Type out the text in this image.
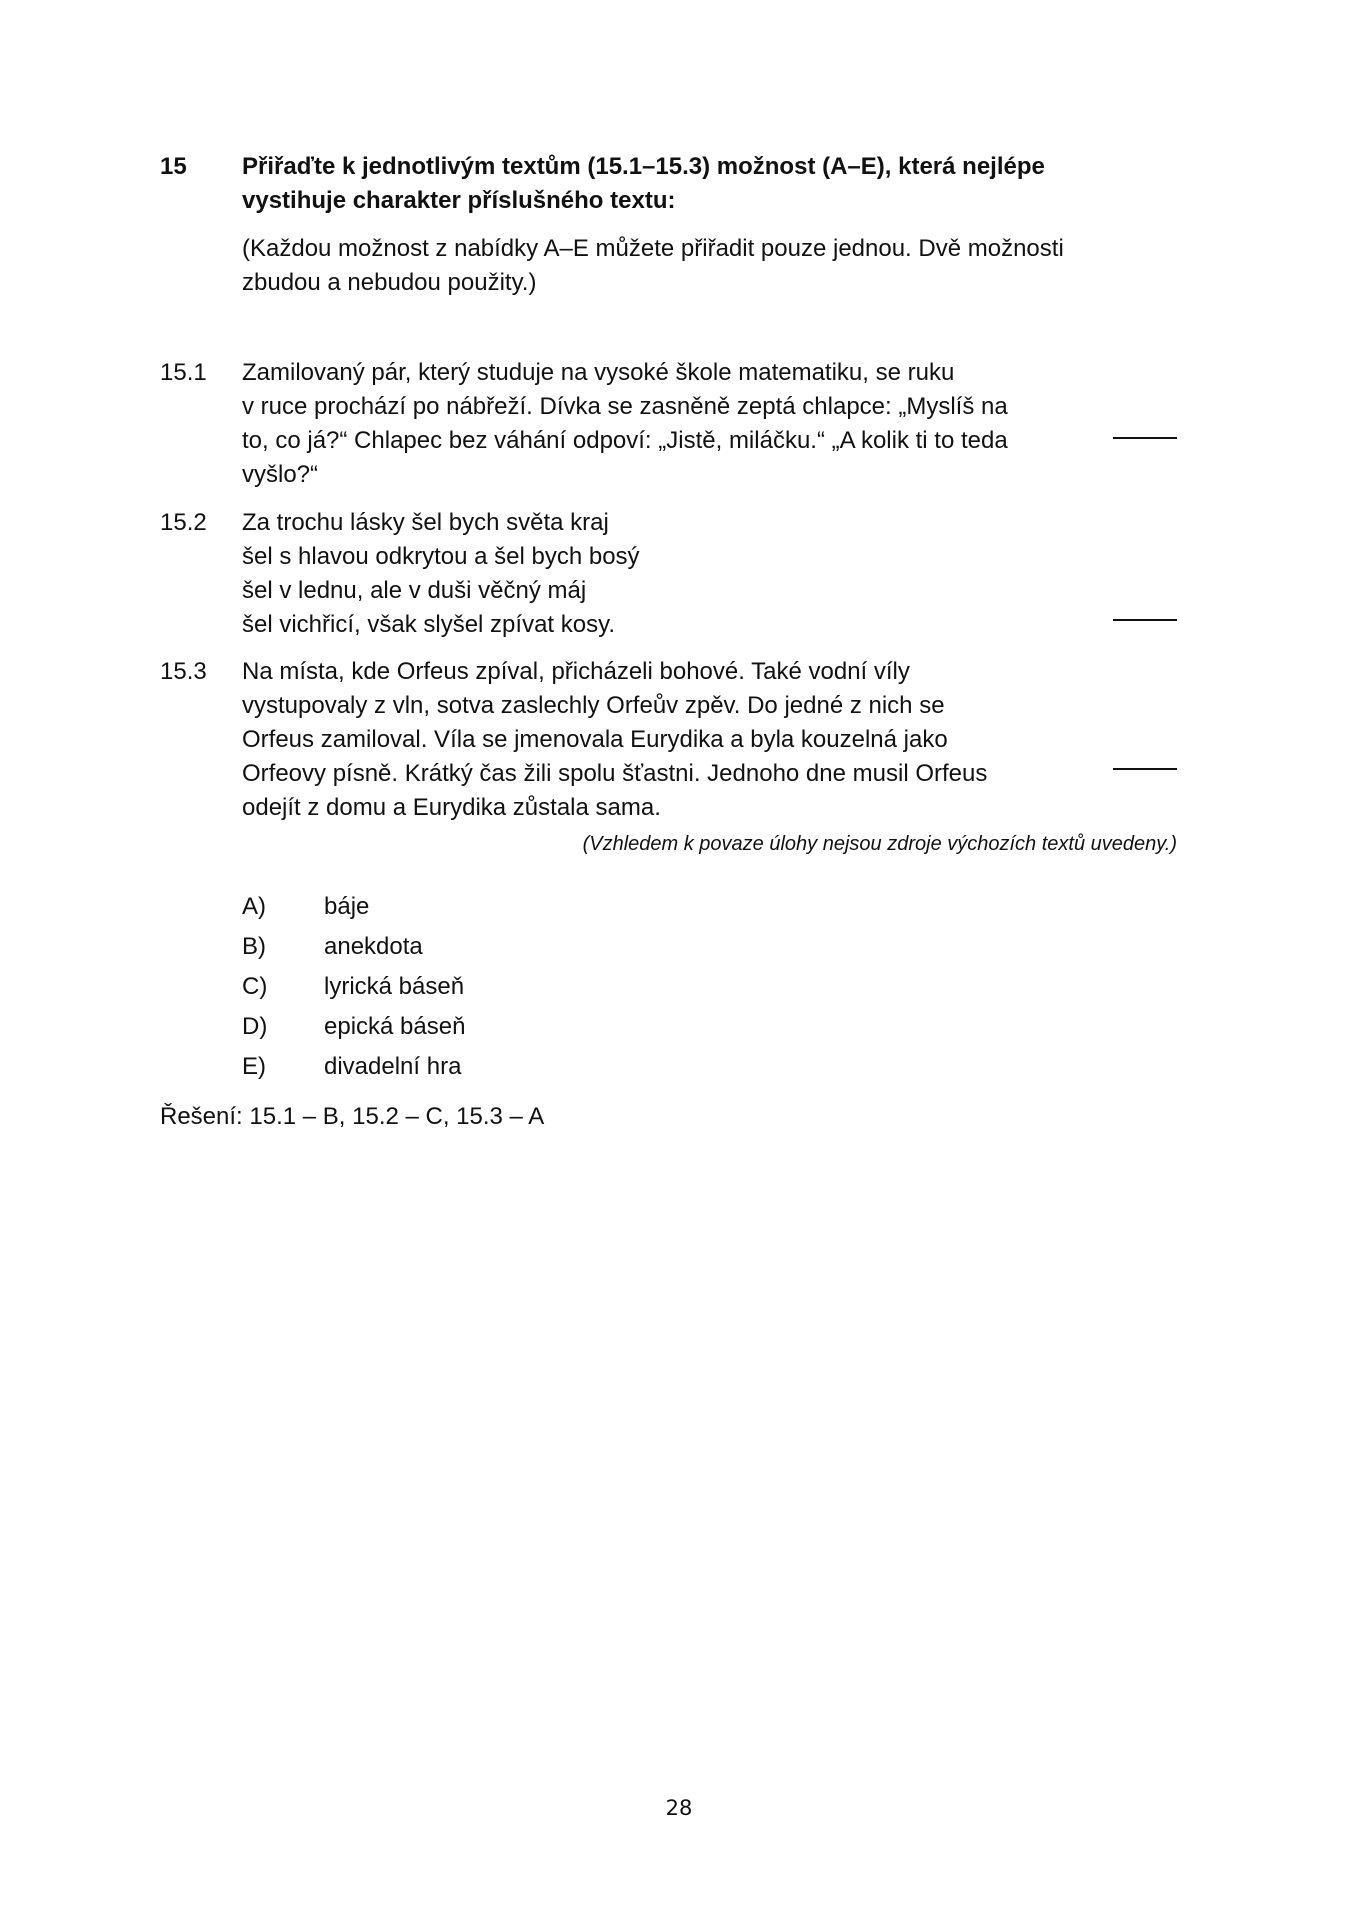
15 Přiřaďte k jednotlivým textům (15.1–15.3) možnost (A–E), která nejlépe vystihuje charakter příslušného textu:
(Každou možnost z nabídky A–E můžete přiřadit pouze jednou. Dvě možnosti zbudou a nebudou použity.)
15.1 Zamilovaný pár, který studuje na vysoké škole matematiku, se ruku
v ruce prochází po nábřeží. Dívka se zasněně zeptá chlapce: „Myslíš na
to, co já?“ Chlapec bez váhání odpoví: „Jistě, miláčku.“ „A kolik ti to teda
vyšlo?“
15.2 Za trochu lásky šel bych světa kraj
šel s hlavou odkrytou a šel bych bosý
šel v lednu, ale v duši věčný máj
šel vichřicí, však slyšel zpívat kosy.
15.3 Na místa, kde Orfeus zpíval, přicházeli bohové. Také vodní víly
vystupovaly z vln, sotva zaslechly Orfeův zpěv. Do jedné z nich se
Orfeus zamiloval. Víla se jmenovala Eurydika a byla kouzelná jako
Orfeovy písně. Krátký čas žili spolu šťastni. Jednoho dne musil Orfeus
odejít z domu a Eurydika zůstala sama.
(Vzhledem k povaze úlohy nejsou zdroje výchozích textů uvedeny.)
A) báje
B) anekdota
C) lyrická báseň
D) epická báseň
E) divadelní hra
Řešení: 15.1 – B, 15.2 – C, 15.3 – A
28
